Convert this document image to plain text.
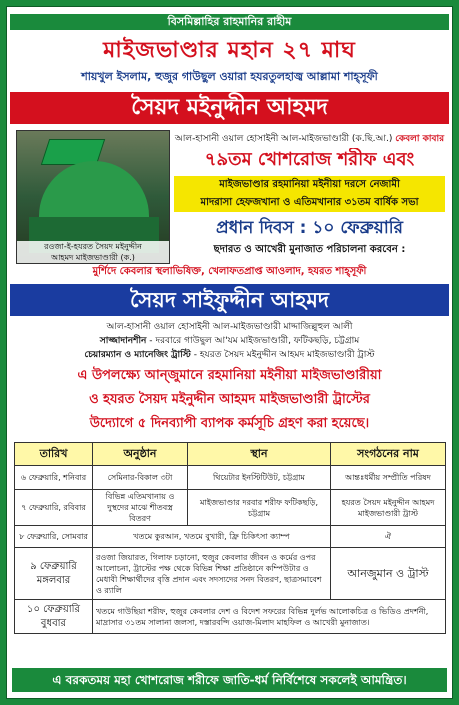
বিসমিল্লাহির রাহমানির রাহীম
মাইজভাণ্ডার মহান ২৭ মাঘ
শায়খুল ইসলাম, হুজুর গাউছুল ওয়ারা হযরতুলহাজ্ব আল্লামা শাহ্সূফী
সৈয়দ মইনুদ্দীন আহমদ
রওজা-ই-হযরত সৈয়দ মইনুদ্দীন
আহমদ মাইজভাণ্ডারী (ক.)
আল-হাসানী ওয়াল হোসাইনী আল-মাইজভাণ্ডারী (ক.ছি.আ.) কেবলা কাবার
৭৯তম খোশরোজ শরীফ এবং
মাইজভাণ্ডার রহমানিয়া মইনীয়া দরসে নেজামী
মাদরাসা হেফজখানা ও এতিমখানার ৩১তম বার্ষিক সভা
প্রধান দিবস : ১০ ফেব্রুয়ারি
ছদারত ও আখেরী মুনাজাত পরিচালনা করবেন :
মুর্শিদে কেবলার স্থলাভিষিক্ত, খেলাফতপ্রাপ্ত আওলাদ, হযরত শাহ্সূফী
সৈয়দ সাইফুদ্দীন আহমদ
আল-হাসানী ওয়াল হোসাইনী আল-মাইজভাণ্ডারী মাদ্দাজিল্লুহুল আলী
সাজ্জাদানশীন - দরবারে গাউছুল আ'যম মাইজভাণ্ডারী, ফটিকছড়ি, চট্টগ্রাম
চেয়ারম্যান ও ম্যানেজিং ট্রাস্টি - হযরত সৈয়দ মইনুদ্দীন আহমদ মাইজভাণ্ডারী ট্রাস্ট
এ উপলক্ষ্যে আন্‌জুমানে রহমানিয়া মইনীয়া মাইজভাণ্ডারীয়া
ও হযরত সৈয়দ মইনুদ্দীন আহমদ মাইজভাণ্ডারী ট্রাস্টের
উদ্যোগে ৫ দিনব্যাপী ব্যাপক কর্মসূচি গ্রহণ করা হয়েছে।
তারিখ	অনুষ্ঠান	স্থান	সংগঠনের নাম
৬ ফেব্রুয়ারি, শনিবার	সেমিনার-বিকাল ৩টা	থিয়েটার ইনস্টিটিউট, চট্টগ্রাম	আন্তঃধর্মীয় সম্প্রীতি পরিষদ
৭ ফেব্রুয়ারি, রবিবার	বিভিন্ন এতিমখানায় ও দুস্থদের মাঝে শীতবস্ত্র বিতরণ	মাইজভাণ্ডার দরবার শরীফ ফটিকছড়ি, চট্টগ্রাম	হযরত সৈয়দ মইনুদ্দীন আহমদ মাইজভাণ্ডারী ট্রাস্ট
৮ ফেব্রুয়ারি, সোমবার	খতমে কুরআন, খতমে বুখারী, ফ্রি চিকিৎসা ক্যাম্প		ঐ
৯ ফেব্রুয়ারি মঙ্গলবার	রওজা জিয়ারত, গিলাফ চড়ানো, হুজুর কেবলার জীবন ও কর্মের ওপর আলোচনা, ট্রাস্টের পক্ষ থেকে বিভিন্ন শিক্ষা প্রতিষ্ঠানে কম্পিউটার ও মেধাবী শিক্ষার্থীদের বৃত্তি প্রদান এবং সদস্যদের সনদ বিতরণ, ছাত্রসমাবেশ ও র‍্যালি		আনজুমান ও ট্রাস্ট
১০ ফেব্রুয়ারি বুধবার	খতমে গাউছিয়া শরীফ, হুজুর কেবলার দেশ ও বিদেশ সফরের বিভিন্ন দুর্লভ আলোকচিত্র ও ভিডিও প্রদর্শনী, মাদ্রাসার ৩১তম সালানা জলসা, দস্তারবন্দি ওয়াজ-মিলাদ মাহফিল ও আখেরী মুনাজাত।		
এ বরকতময় মহা খোশরোজ শরীফে জাতি-ধর্ম নির্বিশেষে সকলেই আমন্ত্রিত।
